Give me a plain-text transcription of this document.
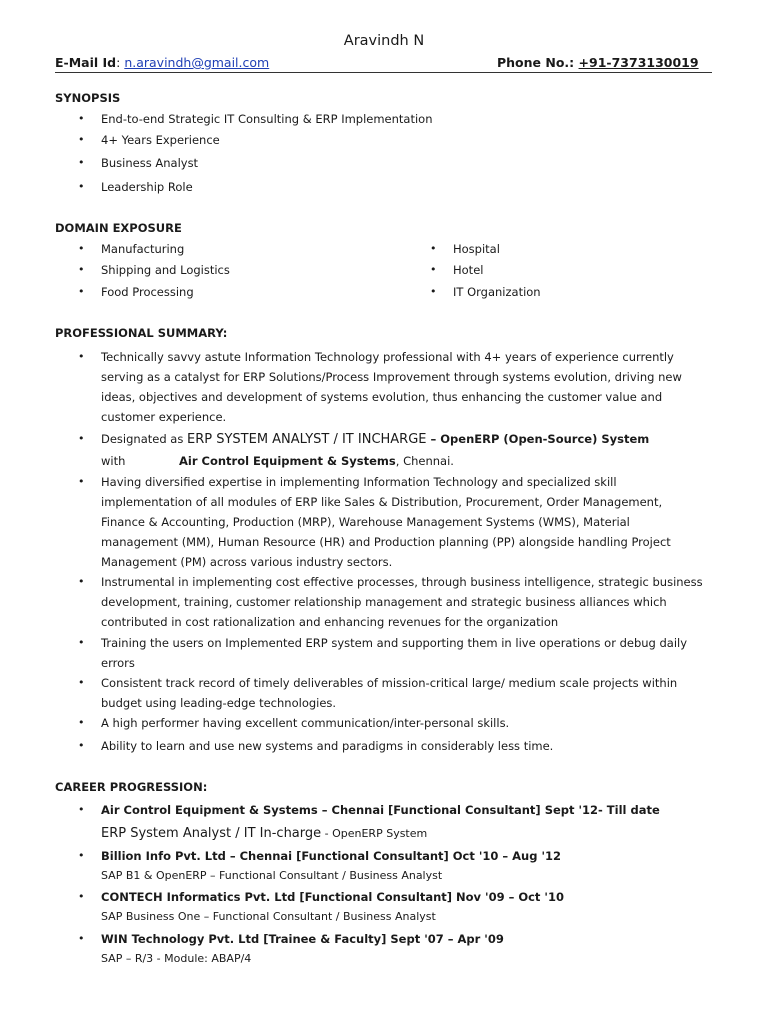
Aravindh N
E-Mail Id: n.aravindh@gmail.com	Phone No.: +91-7373130019
SYNOPSIS
• End-to-end Strategic IT Consulting & ERP Implementation
• 4+ Years Experience
• Business Analyst
• Leadership Role
DOMAIN EXPOSURE
• Manufacturing
• Shipping and Logistics
• Food Processing
• Hospital
• Hotel
• IT Organization
PROFESSIONAL SUMMARY:
• Technically savvy astute Information Technology professional with 4+ years of experience currently
serving as a catalyst for ERP Solutions/Process Improvement through systems evolution, driving new
ideas, objectives and development of systems evolution, thus enhancing the customer value and
customer experience.
• Designated as ERP SYSTEM ANALYST / IT INCHARGE – OpenERP (Open-Source) System
with	Air Control Equipment & Systems, Chennai.
• Having diversified expertise in implementing Information Technology and specialized skill
implementation of all modules of ERP like Sales & Distribution, Procurement, Order Management,
Finance & Accounting, Production (MRP), Warehouse Management Systems (WMS), Material
management (MM), Human Resource (HR) and Production planning (PP) alongside handling Project
Management (PM) across various industry sectors.
• Instrumental in implementing cost effective processes, through business intelligence, strategic business
development, training, customer relationship management and strategic business alliances which
contributed in cost rationalization and enhancing revenues for the organization
• Training the users on Implemented ERP system and supporting them in live operations or debug daily
errors
• Consistent track record of timely deliverables of mission-critical large/ medium scale projects within
budget using leading-edge technologies.
• A high performer having excellent communication/inter-personal skills.
• Ability to learn and use new systems and paradigms in considerably less time.
CAREER PROGRESSION:
• Air Control Equipment & Systems – Chennai [Functional Consultant] Sept '12- Till date
ERP System Analyst / IT In-charge - OpenERP System
• Billion Info Pvt. Ltd – Chennai [Functional Consultant] Oct '10 – Aug '12
SAP B1 & OpenERP – Functional Consultant / Business Analyst
• CONTECH Informatics Pvt. Ltd [Functional Consultant] Nov '09 – Oct '10
SAP Business One – Functional Consultant / Business Analyst
• WIN Technology Pvt. Ltd [Trainee & Faculty] Sept '07 – Apr '09
SAP – R/3 - Module: ABAP/4
